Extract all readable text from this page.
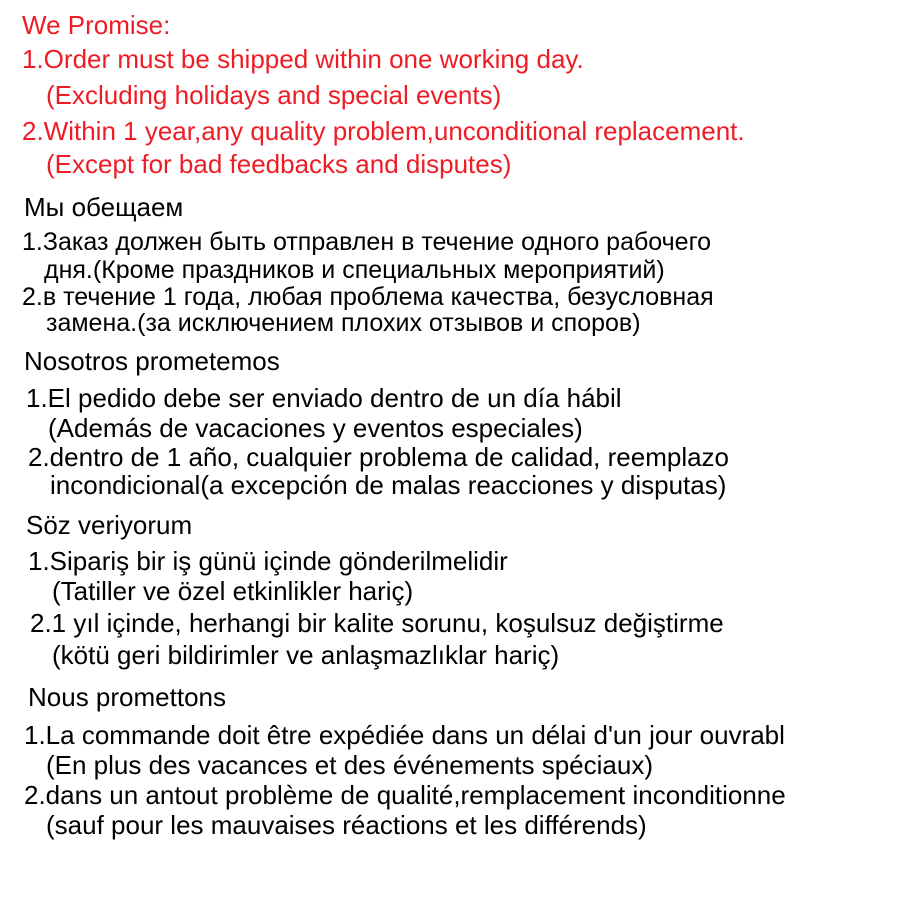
We Promise:
1.Order must be shipped within one working day.
(Excluding holidays and special events)
2.Within 1 year,any quality problem,unconditional replacement.
(Except for bad feedbacks and disputes)
Мы обещаем
1.Заказ должен быть отправлен в течение одного рабочего
дня.(Кроме праздников и специальных мероприятий)
2.в течение 1 года, любая проблема качества, безусловная
замена.(за исключением плохих отзывов и споров)
Nosotros prometemos
1.El pedido debe ser enviado dentro de un día hábil
(Además de vacaciones y eventos especiales)
2.dentro de 1 año, cualquier problema de calidad, reemplazo
incondicional(a excepción de malas reacciones y disputas)
Söz veriyorum
1.Sipariş bir iş günü içinde gönderilmelidir
(Tatiller ve özel etkinlikler hariç)
2.1 yıl içinde, herhangi bir kalite sorunu, koşulsuz değiştirme
(kötü geri bildirimler ve anlaşmazlıklar hariç)
Nous promettons
1.La commande doit être expédiée dans un délai d'un jour ouvrabl
(En plus des vacances et des événements spéciaux)
2.dans un antout problème de qualité,remplacement inconditionne
(sauf pour les mauvaises réactions et les différends)
